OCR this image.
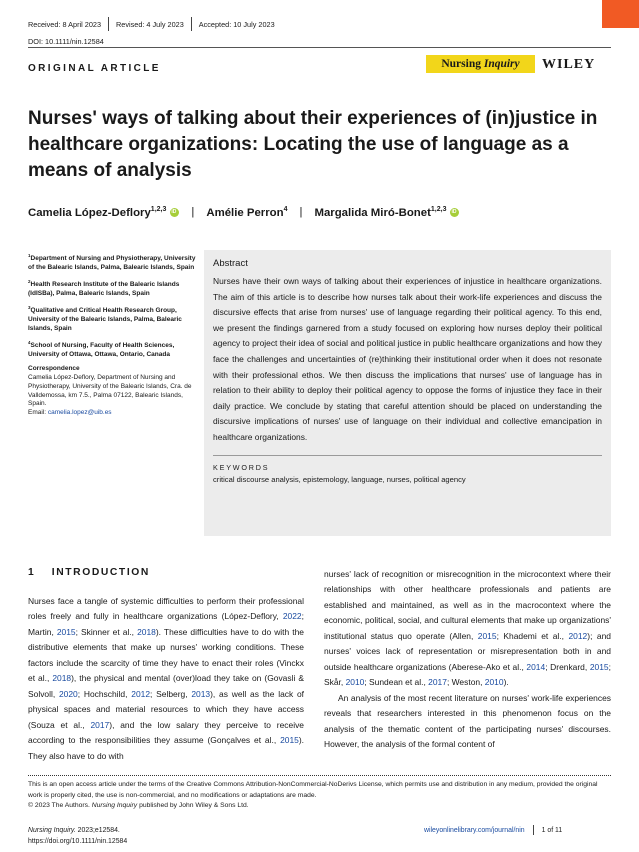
Received: 8 April 2023 Revised: 4 July 2023 Accepted: 10 July 2023
DOI: 10.1111/nin.12584
ORIGINAL ARTICLE	Nursing Inquiry	WILEY
Nurses' ways of talking about their experiences of (in)justice in healthcare organizations: Locating the use of language as a means of analysis
Camelia López-Deflory$^{1,2,3}$
iD | Amélie Perron$^4$ | Margalida Miró-Bonet$^{1,2,3}$
iD

$^1$Department of Nursing and Physiotherapy, University of the Balearic Islands, Palma, Balearic Islands, Spain

$^2$Health Research Institute of the Balearic Islands (IdISBa), Palma, Balearic Islands, Spain

$^3$Qualitative and Critical Health Research Group, University of the Balearic Islands, Palma, Balearic Islands, Spain

$^4$School of Nursing, Faculty of Health Sciences, University of Ottawa, Ottawa, Ontario, Canada

Correspondence
Camelia López-Deflory, Department of Nursing and Physiotherapy, University of the Balearic Islands, Cra. de Valldemossa, km 7.5., Palma 07122, Balearic Islands, Spain.
Email: camelia.lopez@uib.es
Abstract

Nurses have their own ways of talking about their experiences of injustice in healthcare organizations. The aim of this article is to describe how nurses talk about their work-life experiences and discuss the discursive effects that arise from nurses' use of language regarding their political agency. To this end, we present the findings garnered from a study focused on exploring how nurses deploy their political agency to project their idea of social and political justice in public healthcare organizations and how they face the challenges and uncertainties of (re)thinking their institutional order when it does not resonate with their professional ethos. We then discuss the implications that nurses' use of language has in relation to their ability to deploy their political agency to oppose the forms of injustice they face in their daily practice. We conclude by stating that careful attention should be placed on understanding the discursive implications of nurses' use of language on their individual and collective emancipation in healthcare organizations.

KEYWORDS

critical discourse analysis, epistemology, language, nurses, political agency

1 INTRODUCTION

Nurses face a tangle of systemic difficulties to perform their professional roles freely and fully in healthcare organizations (López-Deflory, 2022; Martin, 2015; Skinner et al., 2018). These difficulties have to do with the distributive elements that make up nurses' working conditions. These factors include the scarcity of time they have to enact their roles (Vinckx et al., 2018), the physical and mental (over)load they take on (Govasli & Solvoll, 2020; Hochschild, 2012; Selberg, 2013), as well as the lack of physical spaces and material resources to which they have access (Souza et al., 2017), and the low salary they perceive to receive according to the responsibilities they assume (Gonçalves et al., 2015). They also have to do with

nurses' lack of recognition or misrecognition in the microcontext where their relationships with other healthcare professionals and patients are established and maintained, as well as in the macrocontext where the economic, political, social, and cultural elements that make up organizations' institutional status quo operate (Allen, 2015; Khademi et al., 2012); and nurses' voices lack of representation or misrepresentation both in and outside healthcare organizations (Aberese-Ako et al., 2014; Drenkard, 2015; Skår, 2010; Sundean et al., 2017; Weston, 2010).

An analysis of the most recent literature on nurses' work-life experiences reveals that researchers interested in this phenomenon focus on the analysis of the thematic content of the participating nurses' discourses. However, the analysis of the formal content of

This is an open access article under the terms of the Creative Commons Attribution-NonCommercial-NoDerivs License, which permits use and distribution in any medium, provided the original work is properly cited, the use is non-commercial, and no modifications or adaptations are made.
© 2023 The Authors. Nursing Inquiry published by John Wiley & Sons Ltd.

Nursing Inquiry. 2023;e12584.
https://doi.org/10.1111/nin.12584
wileyonlinelibrary.com/journal/nin 1 of 11
